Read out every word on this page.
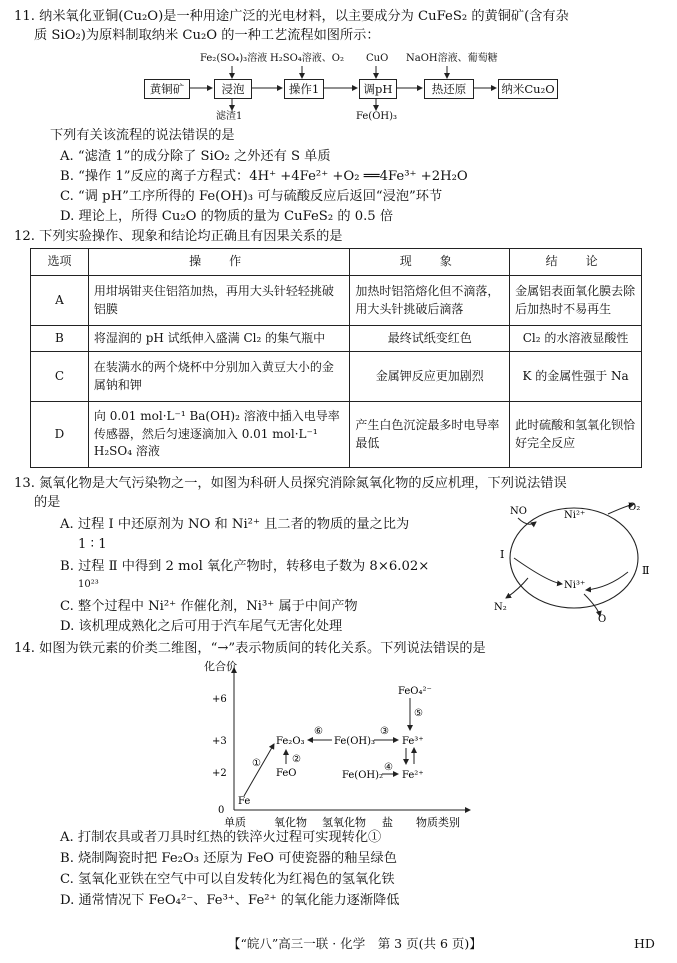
11. 纳米氧化亚铜(Cu₂O)是一种用途广泛的光电材料，以主要成分为 CuFeS₂ 的黄铜矿(含有杂
质 SiO₂)为原料制取纳米 Cu₂O 的一种工艺流程如图所示：
黄铜矿	浸泡	操作1	调pH	热还原	纳米Cu₂O
Fe₂(SO₄)₃溶液 H₂SO₄溶液、O₂ CuO NaOH溶液、葡萄糖
滤渣1	Fe(OH)₃
下列有关该流程的说法错误的是
A. “滤渣 1”的成分除了 SiO₂ 之外还有 S 单质
B. “操作 1”反应的离子方程式：4H⁺ +4Fe²⁺ +O₂ ══4Fe³⁺ +2H₂O
C. “调 pH”工序所得的 Fe(OH)₃ 可与硫酸反应后返回“浸泡”环节
D. 理论上，所得 Cu₂O 的物质的量为 CuFeS₂ 的 0.5 倍
12. 下列实验操作、现象和结论均正确且有因果关系的是
选项	操　作	现　象	结　论
A	用坩埚钳夹住铝箔加热，再用大头针轻轻挑破铝膜	加热时铝箔熔化但不滴落，用大头针挑破后滴落	金属铝表面氧化膜去除后加热时不易再生
B	将湿润的 pH 试纸伸入盛满 Cl₂ 的集气瓶中	最终试纸变红色	Cl₂ 的水溶液显酸性
C	在装满水的两个烧杯中分别加入黄豆大小的金属钠和钾	金属钾反应更加剧烈	K 的金属性强于 Na
D	向 0.01 mol·L⁻¹ Ba(OH)₂ 溶液中插入电导率传感器，然后匀速逐滴加入 0.01 mol·L⁻¹ H₂SO₄ 溶液	产生白色沉淀最多时电导率最低	此时硫酸和氢氧化钡恰好完全反应
13. 氮氧化物是大气污染物之一，如图为科研人员探究消除氮氧化物的反应机理，下列说法错误
的是
A. 过程 Ⅰ 中还原剂为 NO 和 Ni²⁺ 且二者的物质的量之比为
1 ∶ 1
B. 过程 Ⅱ 中得到 2 mol 氧化产物时，转移电子数为 8×6.02×
10²³
C. 整个过程中 Ni²⁺ 作催化剂，Ni³⁺ 属于中间产物
D. 该机理成熟化之后可用于汽车尾气无害化处理
NO	Ni²⁺
O₂
Ⅰ
Ⅱ
Ni³⁺
N₂
O
14. 如图为铁元素的价类二维图，“→”表示物质间的转化关系。下列说法错误的是
化合价
物质类别
+6
+3
+2
0
单质	氧化物 氢氧化物 盐
Fe
FeO
Fe₂O₃	Fe(OH)₃
Fe(OH)₂
Fe³⁺
Fe²⁺
FeO₄²⁻
①	②
⑥	③
④
⑤
A. 打制农具或者刀具时红热的铁淬火过程可实现转化①
B. 烧制陶瓷时把 Fe₂O₃ 还原为 FeO 可使瓷器的釉呈绿色
C. 氢氧化亚铁在空气中可以自发转化为红褐色的氢氧化铁
D. 通常情况下 FeO₄²⁻、Fe³⁺、Fe²⁺ 的氧化能力逐渐降低
【“皖八”高三一联 · 化学　第 3 页(共 6 页)】	HD
